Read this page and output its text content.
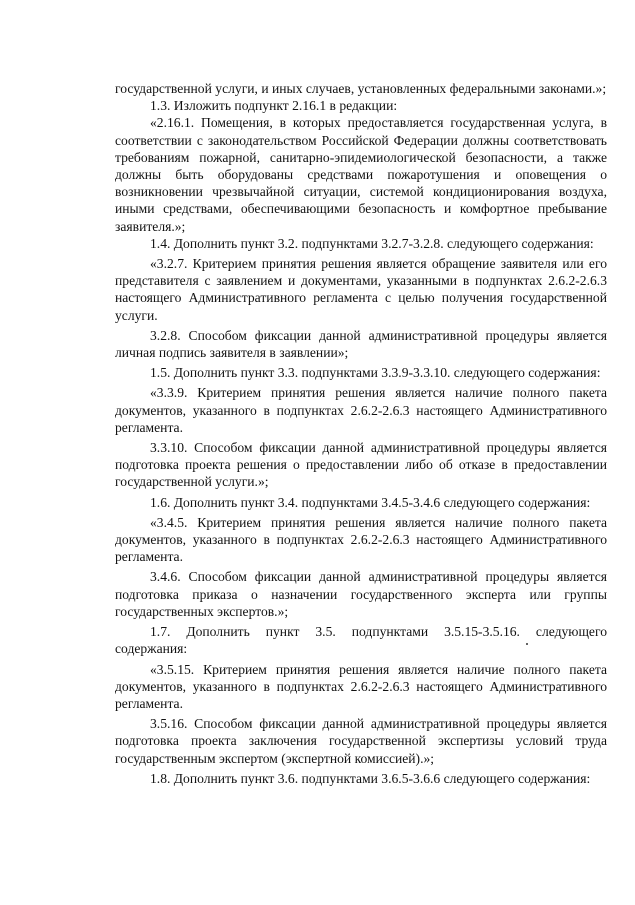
государственной услуги, и иных случаев, установленных федеральными законами.»;

1.3. Изложить подпункт 2.16.1 в редакции:

«2.16.1. Помещения, в которых предоставляется государственная услуга, в соответствии с законодательством Российской Федерации должны соответствовать требованиям пожарной, санитарно-эпидемиологической безопасности, а также должны быть оборудованы средствами пожаротушения и оповещения о возникновении чрезвычайной ситуации, системой кондиционирования воздуха, иными средствами, обеспечивающими безопасность и комфортное пребывание заявителя.»;

1.4. Дополнить пункт 3.2. подпунктами 3.2.7-3.2.8. следующего содержания:

«3.2.7. Критерием принятия решения является обращение заявителя или его представителя с заявлением и документами, указанными в подпунктах 2.6.2-2.6.3 настоящего Административного регламента с целью получения государственной услуги.

3.2.8. Способом фиксации данной административной процедуры является личная подпись заявителя в заявлении»;

1.5. Дополнить пункт 3.3. подпунктами 3.3.9-3.3.10. следующего содержания:

«3.3.9. Критерием принятия решения является наличие полного пакета документов, указанного в подпунктах 2.6.2-2.6.3 настоящего Административного регламента.

3.3.10. Способом фиксации данной административной процедуры является подготовка проекта решения о предоставлении либо об отказе в предоставлении государственной услуги.»;

1.6. Дополнить пункт 3.4. подпунктами 3.4.5-3.4.6 следующего содержания:

«3.4.5. Критерием принятия решения является наличие полного пакета документов, указанного в подпунктах 2.6.2-2.6.3 настоящего Административного регламента.

3.4.6. Способом фиксации данной административной процедуры является подготовка приказа о назначении государственного эксперта или группы государственных экспертов.»;

1.7. Дополнить пункт 3.5. подпунктами 3.5.15-3.5.16. следующего содержания:

«3.5.15. Критерием принятия решения является наличие полного пакета документов, указанного в подпунктах 2.6.2-2.6.3 настоящего Административного регламента.

3.5.16. Способом фиксации данной административной процедуры является подготовка проекта заключения государственной экспертизы условий труда государственным экспертом (экспертной комиссией).»;

1.8. Дополнить пункт 3.6. подпунктами 3.6.5-3.6.6 следующего содержания:
